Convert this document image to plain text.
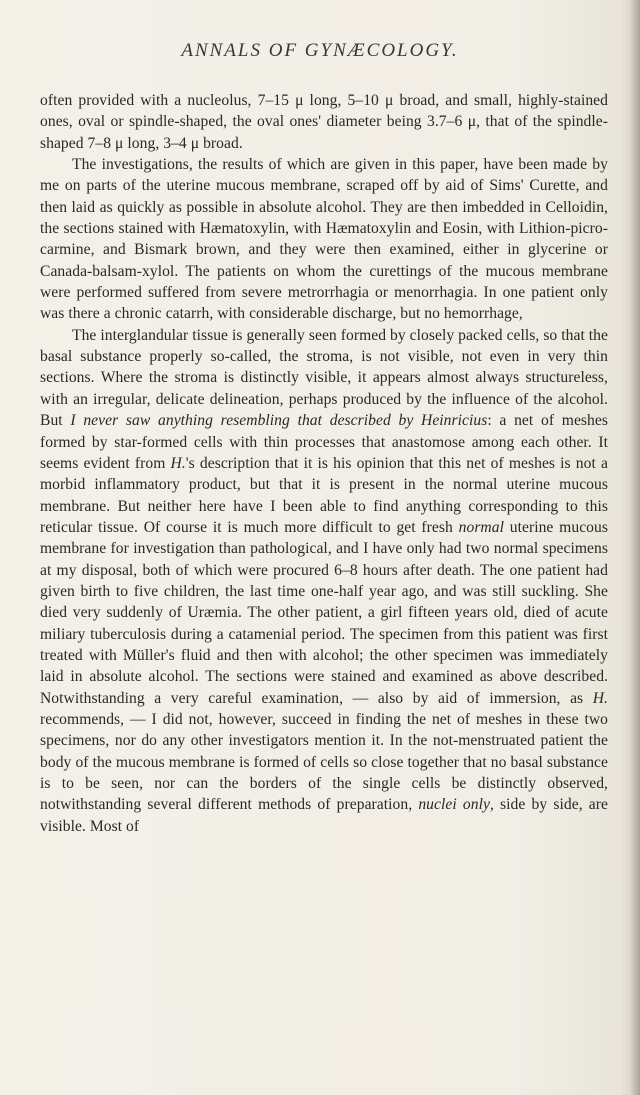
ANNALS OF GYNÆCOLOGY.

often provided with a nucleolus, 7–15 μ long, 5–10 μ broad, and small, highly-stained ones, oval or spindle-shaped, the oval ones' diameter being 3.7–6 μ, that of the spindle-shaped 7–8 μ long, 3–4 μ broad.

The investigations, the results of which are given in this paper, have been made by me on parts of the uterine mucous membrane, scraped off by aid of Sims' Curette, and then laid as quickly as possible in absolute alcohol. They are then imbedded in Celloidin, the sections stained with Hæmatoxylin, with Hæmatoxylin and Eosin, with Lithion-picro-carmine, and Bismark brown, and they were then examined, either in glycerine or Canada-balsam-xylol. The patients on whom the curettings of the mucous membrane were performed suffered from severe metrorrhagia or menorrhagia. In one patient only was there a chronic catarrh, with considerable discharge, but no hemorrhage,

The interglandular tissue is generally seen formed by closely packed cells, so that the basal substance properly so-called, the stroma, is not visible, not even in very thin sections. Where the stroma is distinctly visible, it appears almost always structureless, with an irregular, delicate delineation, perhaps produced by the influence of the alcohol. But I never saw anything resembling that described by Heinricius: a net of meshes formed by star-formed cells with thin processes that anastomose among each other. It seems evident from H.'s description that it is his opinion that this net of meshes is not a morbid inflammatory product, but that it is present in the normal uterine mucous membrane. But neither here have I been able to find anything corresponding to this reticular tissue. Of course it is much more difficult to get fresh normal uterine mucous membrane for investigation than pathological, and I have only had two normal specimens at my disposal, both of which were procured 6–8 hours after death. The one patient had given birth to five children, the last time one-half year ago, and was still suckling. She died very suddenly of Uræmia. The other patient, a girl fifteen years old, died of acute miliary tuberculosis during a catamenial period. The specimen from this patient was first treated with Müller's fluid and then with alcohol; the other specimen was immediately laid in absolute alcohol. The sections were stained and examined as above described. Notwithstanding a very careful examination, — also by aid of immersion, as H. recommends, — I did not, however, succeed in finding the net of meshes in these two specimens, nor do any other investigators mention it. In the not-menstruated patient the body of the mucous membrane is formed of cells so close together that no basal substance is to be seen, nor can the borders of the single cells be distinctly observed, notwithstanding several different methods of preparation, nuclei only, side by side, are visible. Most of
